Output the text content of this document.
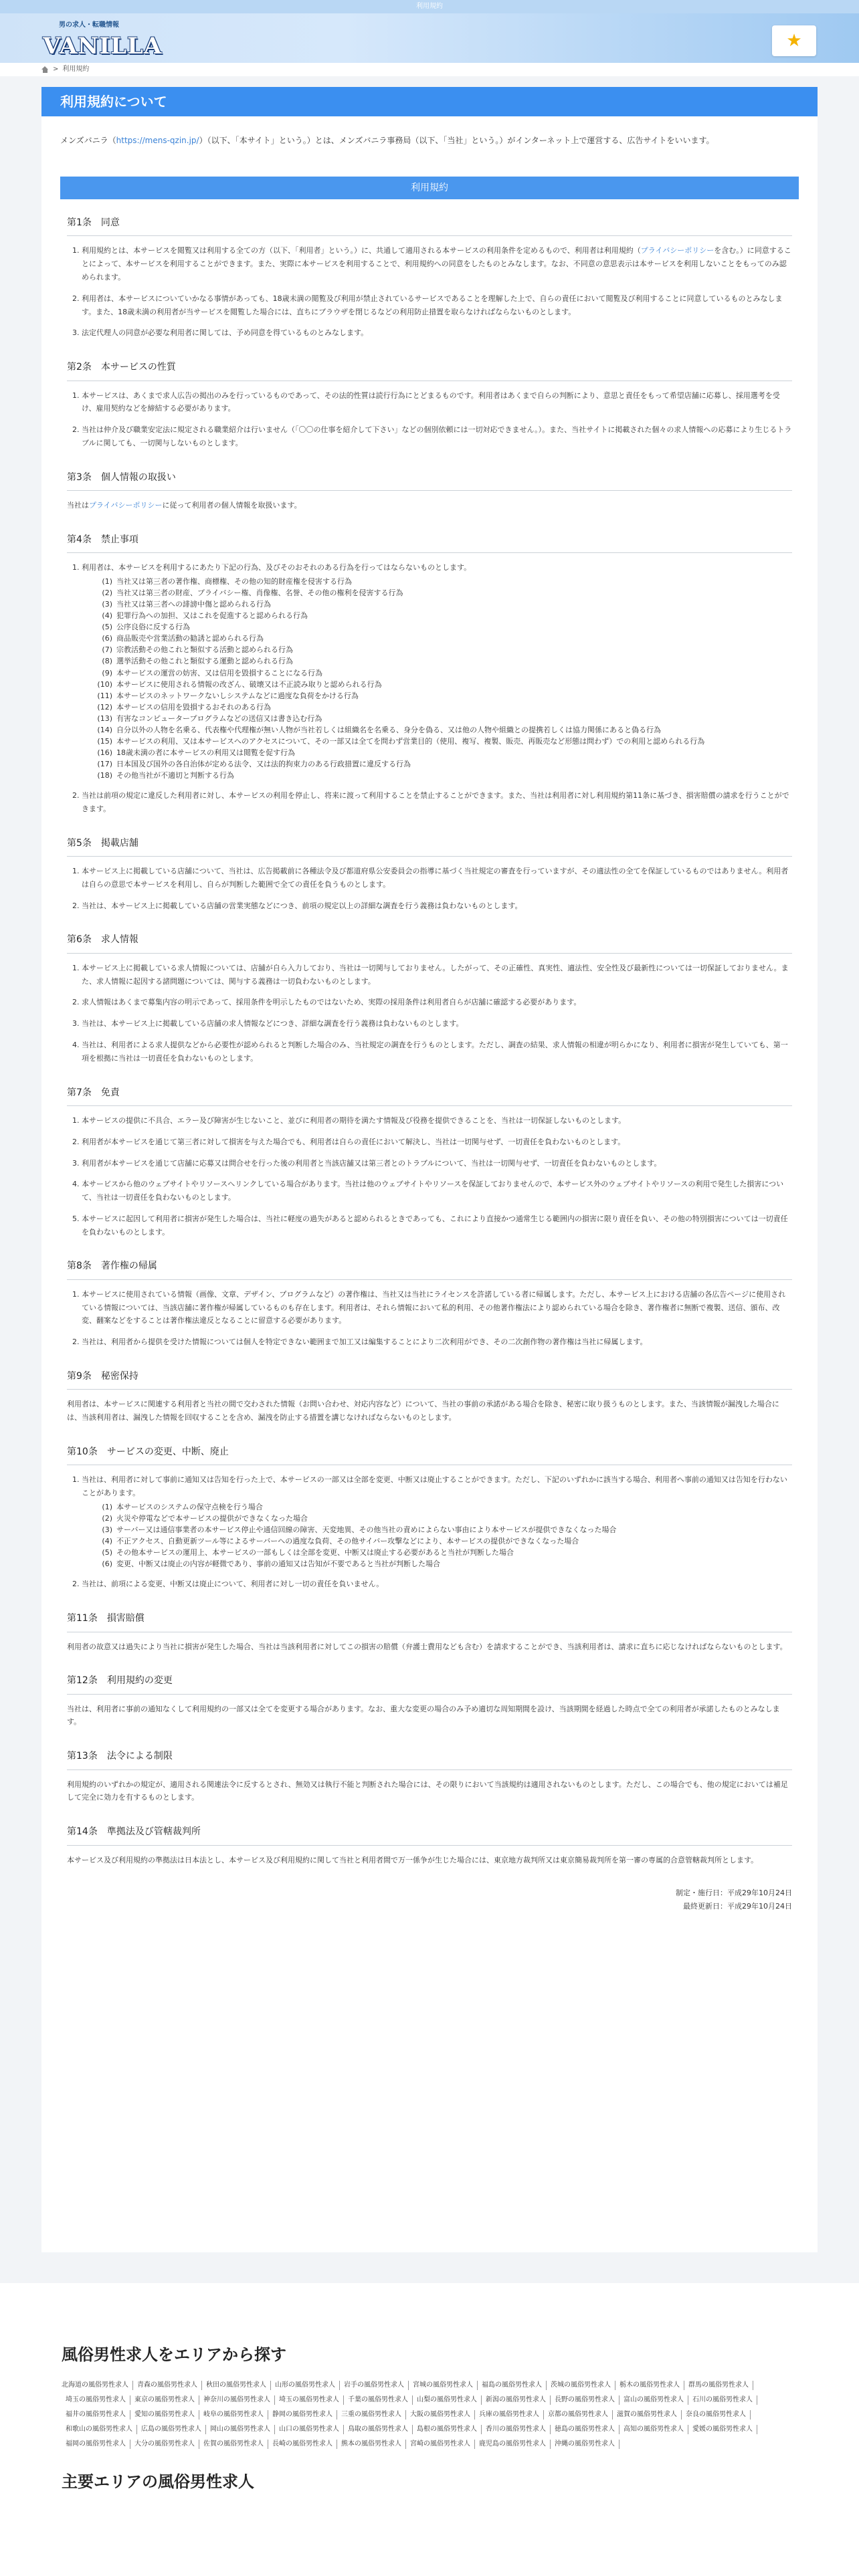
利用規約
男の求人・転職情報
VANILLA	★
> 利用規約
利用規約について
メンズバニラ（https://mens-qzin.jp/）（以下、「本サイト」という。）とは、メンズバニラ事務局（以下、「当社」という。）がインターネット上で運営する、広告サイトをいいます。
利用規約
第1条　同意
1. 利用規約とは、本サービスを閲覧又は利用する全ての方（以下、「利用者」という。）に、共通して適用される本サービスの利用条件を定めるもので、利用者は利用規約（プライバシーポリシーを含む。）に同意することによって、本サービスを利用することができます。また、実際に本サービスを利用することで、利用規約への同意をしたものとみなします。なお、不同意の意思表示は本サービスを利用しないことをもってのみ認められます。
2. 利用者は、本サービスについていかなる事情があっても、18歳未満の閲覧及び利用が禁止されているサービスであることを理解した上で、自らの責任において閲覧及び利用することに同意しているものとみなします。また、18歳未満の利用者が当サービスを閲覧した場合には、直ちにブラウザを閉じるなどの利用防止措置を取らなければならないものとします。
3. 法定代理人の同意が必要な利用者に関しては、予め同意を得ているものとみなします。
第2条　本サービスの性質
1. 本サービスは、あくまで求人広告の掲出のみを行っているものであって、その法的性質は読行行為にとどまるものです。利用者はあくまで自らの判断により、意思と責任をもって希望店舗に応募し、採用選考を受け、雇用契約などを締結する必要があります。
2. 当社は仲介及び職業安定法に規定される職業紹介は行いません（「〇〇の仕事を紹介して下さい」などの個別依頼には一切対応できません。）。また、当社サイトに掲載された個々の求人情報への応募により生じるトラブルに関しても、一切関与しないものとします。
第3条　個人情報の取扱い

当社はプライバシーポリシーに従って利用者の個人情報を取扱います。

第4条　禁止事項
1. 利用者は、本サービスを利用するにあたり下記の行為、及びそのおそれのある行為を行ってはならないものとします。
(1) 当社又は第三者の著作権、商標権、その他の知的財産権を侵害する行為
(2) 当社又は第三者の財産、プライバシー権、肖像権、名誉、その他の権利を侵害する行為
(3) 当社又は第三者への誹謗中傷と認められる行為
(4) 犯罪行為への加担、又はこれを促進すると認められる行為
(5) 公序良俗に反する行為
(6) 商品販売や営業活動の勧誘と認められる行為
(7) 宗教活動その他これと類似する活動と認められる行為
(8) 選挙活動その他これと類似する運動と認められる行為
(9) 本サービスの運営の妨害、又は信用を毀損することになる行為
(10) 本サービスに使用される情報の改ざん、破壊又は不正読み取りと認められる行為
(11) 本サービスのネットワークないしシステムなどに過度な負荷をかける行為
(12) 本サービスの信用を毀損するおそれのある行為
(13) 有害なコンピュータープログラムなどの送信又は書き込む行為
(14) 自分以外の人物を名乗る、代表権や代理権が無い人物が当社若しくは組織名を名乗る、身分を偽る、又は他の人物や組織との提携若しくは協力関係にあると偽る行為
(15) 本サービスの利用、又は本サービスへのアクセスについて、その一部又は全てを問わず営業目的（使用、複写、複製、販売、再販売など形態は問わず）での利用と認められる行為
(16) 18歳未満の者に本サービスの利用又は閲覧を促す行為
(17) 日本国及び国外の各自治体が定める法令、又は法的拘束力のある行政措置に違反する行為
(18) その他当社が不適切と判断する行為
2. 当社は前項の規定に違反した利用者に対し、本サービスの利用を停止し、将来に渡って利用することを禁止することができます。また、当社は利用者に対し利用規約第11条に基づき、損害賠償の請求を行うことができます。
第5条　掲載店舗
1. 本サービス上に掲載している店舗について、当社は、広告掲載前に各種法令及び都道府県公安委員会の指導に基づく当社規定の審査を行っていますが、その適法性の全てを保証しているものではありません。利用者は自らの意思で本サービスを利用し、自らが判断した範囲で全ての責任を負うものとします。
2. 当社は、本サービス上に掲載している店舗の営業実態などにつき、前項の規定以上の詳細な調査を行う義務は負わないものとします。
第6条　求人情報
1. 本サービス上に掲載している求人情報については、店舗が自ら入力しており、当社は一切関与しておりません。したがって、その正確性、真実性、適法性、安全性及び最新性については一切保証しておりません。また、求人情報に起因する諸問題については、関与する義務は一切負わないものとします。
2. 求人情報はあくまで募集内容の明示であって、採用条件を明示したものではないため、実際の採用条件は利用者自らが店舗に確認する必要があります。
3. 当社は、本サービス上に掲載している店舗の求人情報などにつき、詳細な調査を行う義務は負わないものとします。
4. 当社は、利用者による求人提供などから必要性が認められると判断した場合のみ、当社規定の調査を行うものとします。ただし、調査の結果、求人情報の相違が明らかになり、利用者に損害が発生していても、第一項を根拠に当社は一切責任を負わないものとします。
第7条　免責
1. 本サービスの提供に不具合、エラー及び障害が生じないこと、並びに利用者の期待を満たす情報及び役務を提供できることを、当社は一切保証しないものとします。
2. 利用者が本サービスを通じて第三者に対して損害を与えた場合でも、利用者は自らの責任において解決し、当社は一切関与せず、一切責任を負わないものとします。
3. 利用者が本サービスを通じて店舗に応募又は問合せを行った後の利用者と当該店舗又は第三者とのトラブルについて、当社は一切関与せず、一切責任を負わないものとします。
4. 本サービスから他のウェブサイトやリソースへリンクしている場合があります。当社は他のウェブサイトやリソースを保証しておりませんので、本サービス外のウェブサイトやリソースの利用で発生した損害について、当社は一切責任を負わないものとします。
5. 本サービスに起因して利用者に損害が発生した場合は、当社に軽度の過失があると認められるときであっても、これにより直接かつ通常生じる範囲内の損害に限り責任を負い、その他の特別損害については一切責任を負わないものとします。
第8条　著作権の帰属
1. 本サービスに使用されている情報（画像、文章、デザイン、プログラムなど）の著作権は、当社又は当社にライセンスを許諾している者に帰属します。ただし、本サービス上における店舗の各広告ページに使用されている情報については、当該店舗に著作権が帰属しているものも存在します。利用者は、それら情報において私的利用、その他著作権法により認められている場合を除き、著作権者に無断で複製、送信、頒布、改変、翻案などをすることは著作権法違反となることに留意する必要があります。
2. 当社は、利用者から提供を受けた情報については個人を特定できない範囲まで加工又は編集することにより二次利用ができ、その二次創作物の著作権は当社に帰属します。
第9条　秘密保持

利用者は、本サービスに関連する利用者と当社の間で交わされた情報（お問い合わせ、対応内容など）について、当社の事前の承諾がある場合を除き、秘密に取り扱うものとします。また、当該情報が漏洩した場合には、当該利用者は、漏洩した情報を回収することを含め、漏洩を防止する措置を講じなければならないものとします。

第10条　サービスの変更、中断、廃止
1. 当社は、利用者に対して事前に通知又は告知を行った上で、本サービスの一部又は全部を変更、中断又は廃止することができます。ただし、下記のいずれかに該当する場合、利用者へ事前の通知又は告知を行わないことがあります。
(1) 本サービスのシステムの保守点検を行う場合
(2) 火災や停電などで本サービスの提供ができなくなった場合
(3) サーバー又は通信事業者の本サービス停止や通信回線の障害、天変地異、その他当社の責めによらない事由により本サービスが提供できなくなった場合
(4) 不正アクセス、自動更新ツール等によるサーバーへの過度な負荷、その他サイバー攻撃などにより、本サービスの提供ができなくなった場合
(5) その他本サービスの運用上、本サービスの一部もしくは全部を変更、中断又は廃止する必要があると当社が判断した場合
(6) 変更、中断又は廃止の内容が軽微であり、事前の通知又は告知が不要であると当社が判断した場合
2. 当社は、前項による変更、中断又は廃止について、利用者に対し一切の責任を負いません。
第11条　損害賠償

利用者の故意又は過失により当社に損害が発生した場合、当社は当該利用者に対してこの損害の賠償（弁護士費用なども含む）を請求することができ、当該利用者は、請求に直ちに応じなければならないものとします。

第12条　利用規約の変更

当社は、利用者に事前の通知なくして利用規約の一部又は全てを変更する場合があります。なお、重大な変更の場合のみ予め適切な周知期間を設け、当該期間を経過した時点で全ての利用者が承諾したものとみなします。

第13条　法令による制限

利用規約のいずれかの規定が、適用される関連法令に反するとされ、無効又は執行不能と判断された場合には、その限りにおいて当該規約は適用されないものとします。ただし、この場合でも、他の規定においては補足して完全に効力を有するものとします。

第14条　準拠法及び管轄裁判所

本サービス及び利用規約の準拠法は日本法とし、本サービス及び利用規約に関して当社と利用者間で万一係争が生じた場合には、東京地方裁判所又は東京簡易裁判所を第一審の専属的合意管轄裁判所とします。

制定・施行日：平成29年10月24日
最終更新日：平成29年10月24日
風俗男性求人をエリアから探す
北海道の風俗男性求人	青森の風俗男性求人	秋田の風俗男性求人	山形の風俗男性求人	岩手の風俗男性求人	宮城の風俗男性求人	福島の風俗男性求人	茨城の風俗男性求人	栃木の風俗男性求人	群馬の風俗男性求人
埼玉の風俗男性求人	東京の風俗男性求人	神奈川の風俗男性求人	埼玉の風俗男性求人	千葉の風俗男性求人	山梨の風俗男性求人	新潟の風俗男性求人	長野の風俗男性求人	富山の風俗男性求人	石川の風俗男性求人
福井の風俗男性求人	愛知の風俗男性求人	岐阜の風俗男性求人	静岡の風俗男性求人	三重の風俗男性求人	大阪の風俗男性求人	兵庫の風俗男性求人	京都の風俗男性求人	滋賀の風俗男性求人	奈良の風俗男性求人
和歌山の風俗男性求人	広島の風俗男性求人	岡山の風俗男性求人	山口の風俗男性求人	鳥取の風俗男性求人	島根の風俗男性求人	香川の風俗男性求人	徳島の風俗男性求人	高知の風俗男性求人	愛媛の風俗男性求人
福岡の風俗男性求人	大分の風俗男性求人	佐賀の風俗男性求人	長崎の風俗男性求人	熊本の風俗男性求人	宮崎の風俗男性求人	鹿児島の風俗男性求人	沖縄の風俗男性求人
主要エリアの風俗男性求人
